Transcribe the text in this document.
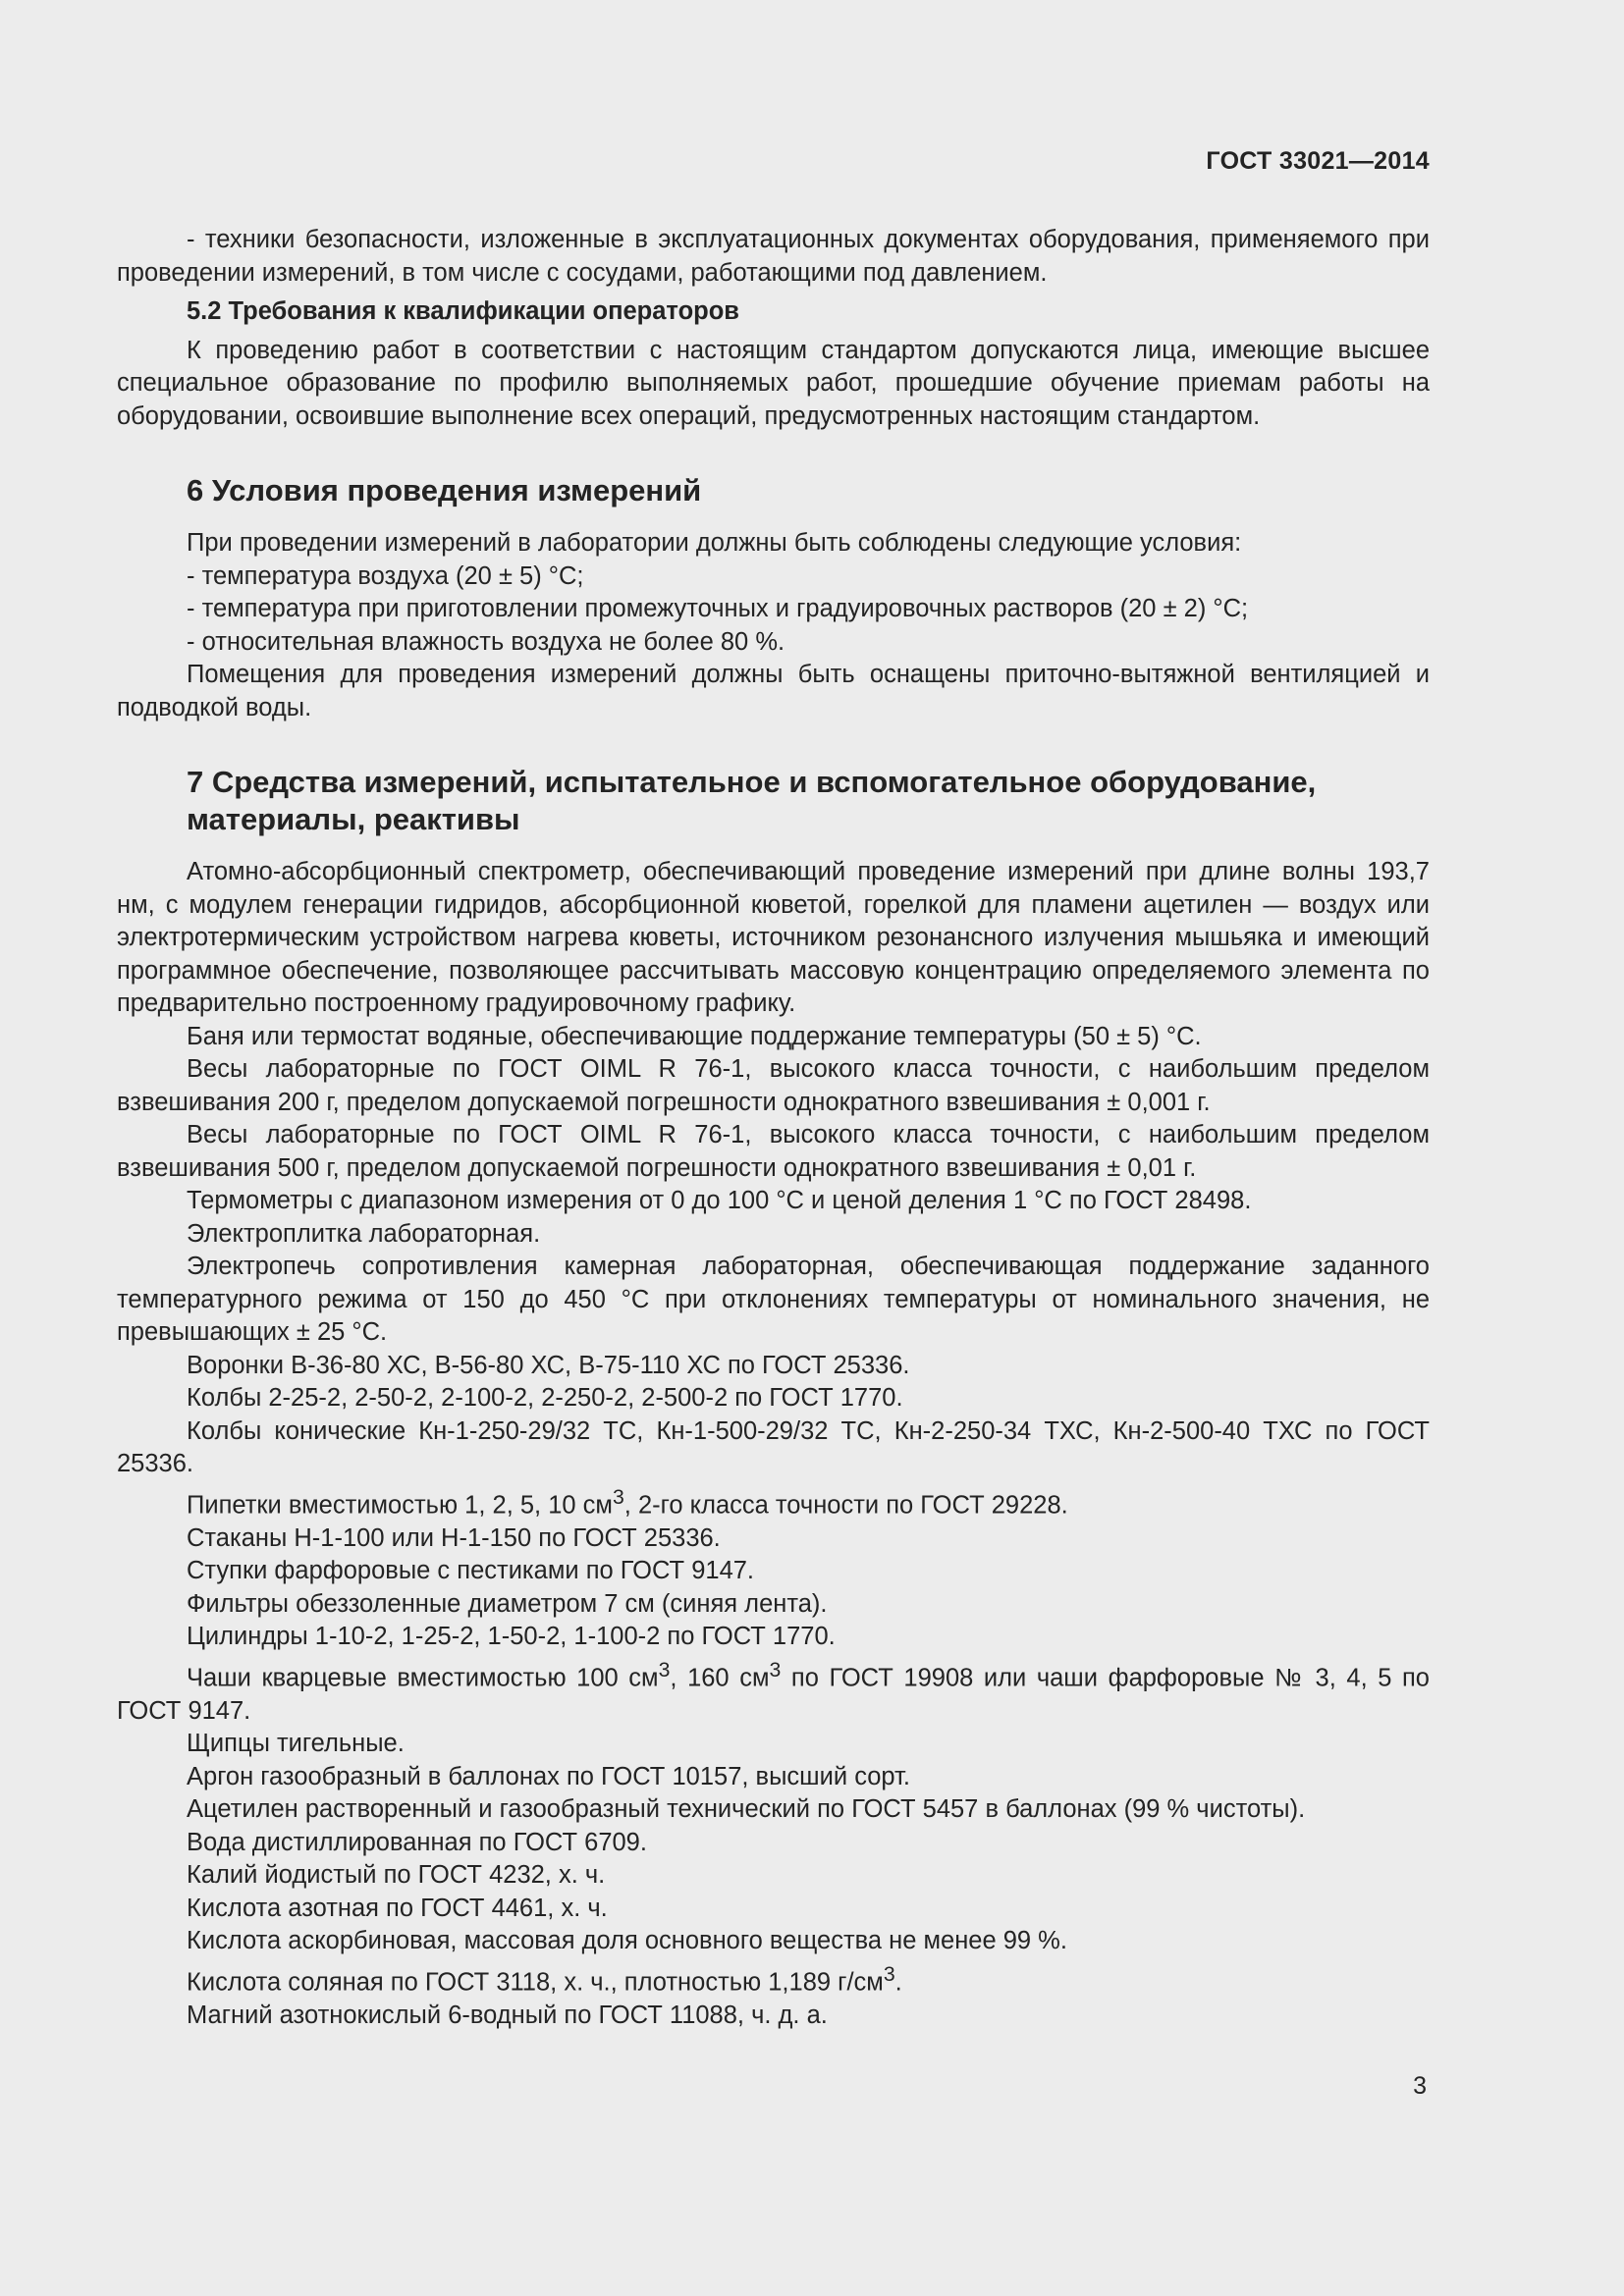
ГОСТ 33021—2014

- техники безопасности, изложенные в эксплуатационных документах оборудования, применяемого при проведении измерений, в том числе с сосудами, работающими под давлением.

5.2 Требования к квалификации операторов

К проведению работ в соответствии с настоящим стандартом допускаются лица, имеющие высшее специальное образование по профилю выполняемых работ, прошедшие обучение приемам работы на оборудовании, освоившие выполнение всех операций, предусмотренных настоящим стандартом.

6 Условия проведения измерений

При проведении измерений в лаборатории должны быть соблюдены следующие условия:

- температура воздуха (20 ± 5) °С;

- температура при приготовлении промежуточных и градуировочных растворов (20 ± 2) °С;

- относительная влажность воздуха не более 80 %.

Помещения для проведения измерений должны быть оснащены приточно-вытяжной вентиляцией и подводкой воды.

7 Средства измерений, испытательное и вспомогательное оборудование,
материалы, реактивы

Атомно-абсорбционный спектрометр, обеспечивающий проведение измерений при длине волны 193,7 нм, с модулем генерации гидридов, абсорбционной кюветой, горелкой для пламени ацетилен — воздух или электротермическим устройством нагрева кюветы, источником резонансного излучения мышьяка и имеющий программное обеспечение, позволяющее рассчитывать массовую концентрацию определяемого элемента по предварительно построенному градуировочному графику.

Баня или термостат водяные, обеспечивающие поддержание температуры (50 ± 5) °С.

Весы лабораторные по ГОСТ OIML R 76-1, высокого класса точности, с наибольшим пределом взвешивания 200 г, пределом допускаемой погрешности однократного взвешивания ± 0,001 г.

Весы лабораторные по ГОСТ OIML R 76-1, высокого класса точности, с наибольшим пределом взвешивания 500 г, пределом допускаемой погрешности однократного взвешивания ± 0,01 г.

Термометры с диапазоном измерения от 0 до 100 °С и ценой деления 1 °С по ГОСТ 28498.

Электроплитка лабораторная.

Электропечь сопротивления камерная лабораторная, обеспечивающая поддержание заданного температурного режима от 150 до 450 °С при отклонениях температуры от номинального значения, не превышающих ± 25 °С.

Воронки В-36-80 ХС, В-56-80 ХС, В-75-110 ХС по ГОСТ 25336.

Колбы 2-25-2, 2-50-2, 2-100-2, 2-250-2, 2-500-2 по ГОСТ 1770.

Колбы конические Кн-1-250-29/32 ТС, Кн-1-500-29/32 ТС, Кн-2-250-34 ТХС, Кн-2-500-40 ТХС по ГОСТ 25336.

Пипетки вместимостью 1, 2, 5, 10 $см^3$, 2-го класса точности по ГОСТ 29228.

Стаканы Н-1-100 или Н-1-150 по ГОСТ 25336.

Ступки фарфоровые с пестиками по ГОСТ 9147.

Фильтры обеззоленные диаметром 7 см (синяя лента).

Цилиндры 1-10-2, 1-25-2, 1-50-2, 1-100-2 по ГОСТ 1770.

Чаши кварцевые вместимостью 100 $см^3$, 160 $см^3$ по ГОСТ 19908 или чаши фарфоровые № 3, 4, 5 по ГОСТ 9147.

Щипцы тигельные.

Аргон газообразный в баллонах по ГОСТ 10157, высший сорт.

Ацетилен растворенный и газообразный технический по ГОСТ 5457 в баллонах (99 % чистоты).

Вода дистиллированная по ГОСТ 6709.

Калий йодистый по ГОСТ 4232, х. ч.

Кислота азотная по ГОСТ 4461, х. ч.

Кислота аскорбиновая, массовая доля основного вещества не менее 99 %.

Кислота соляная по ГОСТ 3118, х. ч., плотностью 1,189 $г/см^3$.

Магний азотнокислый 6-водный по ГОСТ 11088, ч. д. а.

3
